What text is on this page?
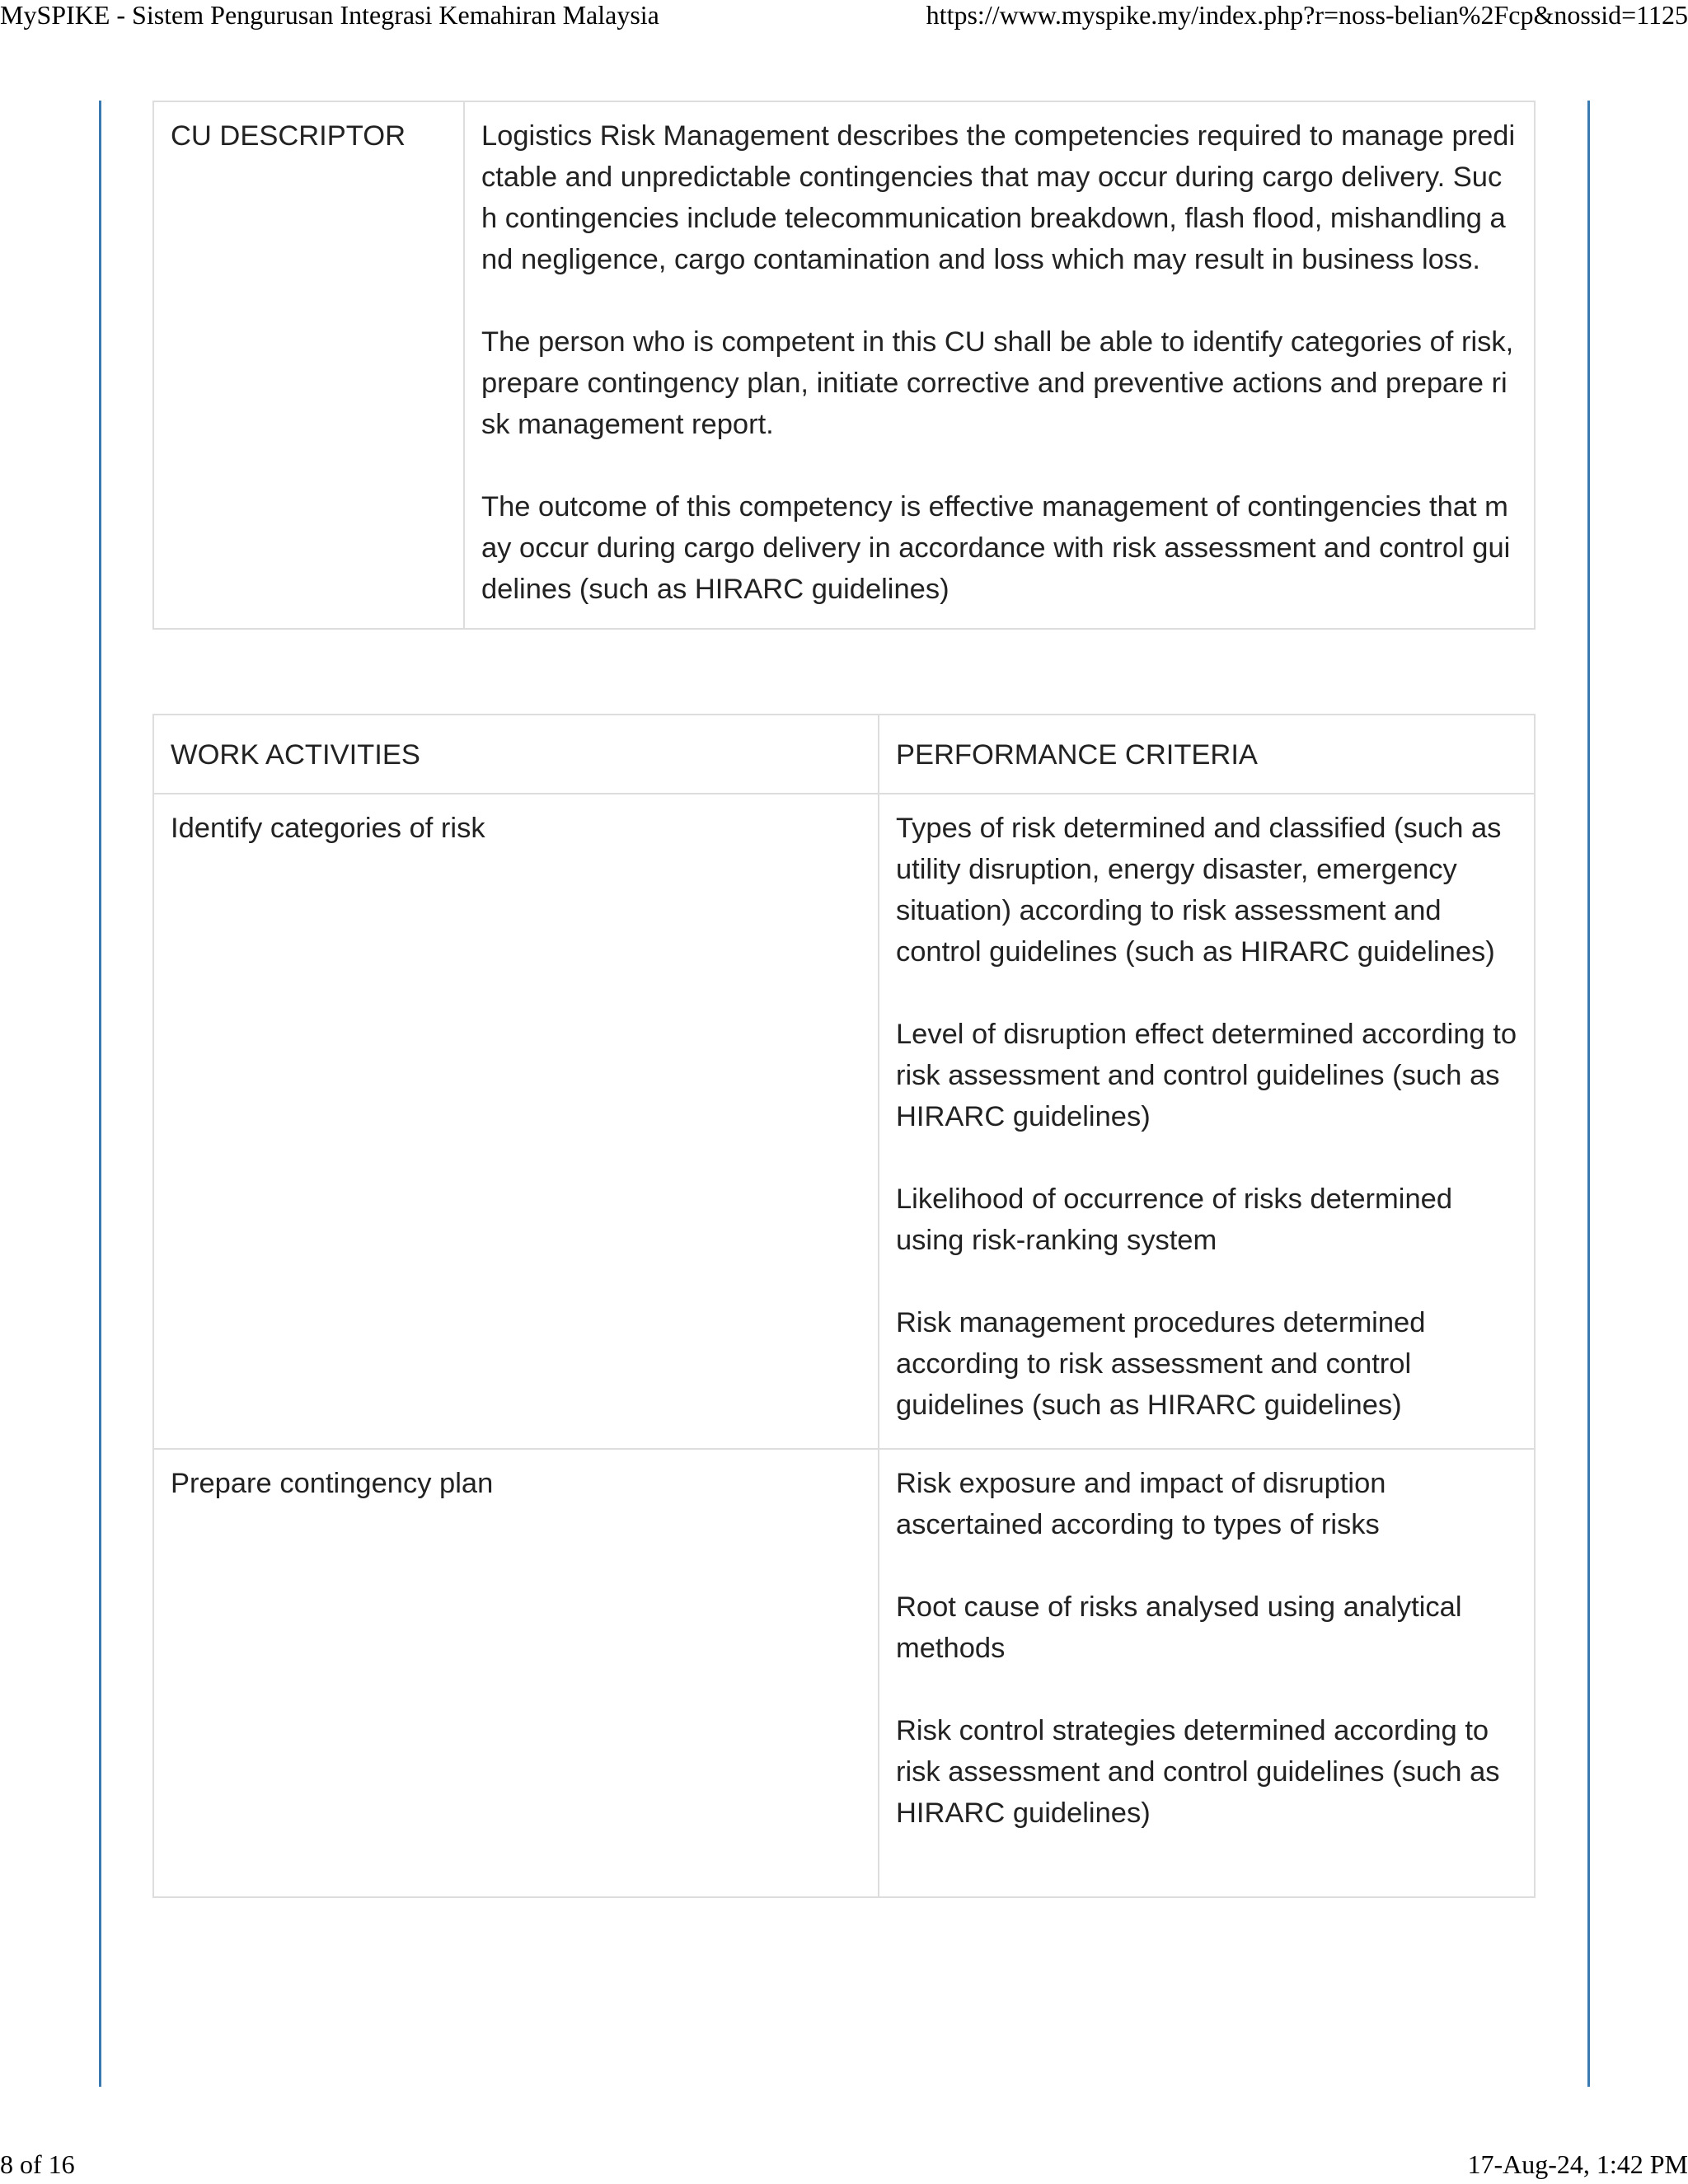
MySPIKE - Sistem Pengurusan Integrasi Kemahiran Malaysia	https://www.myspike.my/index.php?r=noss-belian%2Fcp&nossid=1125
CU DESCRIPTOR	Logistics Risk Management describes the competencies required to manage predictable and unpredictable contingencies that may occur during cargo delivery. Such contingencies include telecommunication breakdown, flash flood, mishandling and negligence, cargo contamination and loss which may result in business loss.

The person who is competent in this CU shall be able to identify categories of risk, prepare contingency plan, initiate corrective and preventive actions and prepare risk management report.

The outcome of this competency is effective management of contingencies that may occur during cargo delivery in accordance with risk assessment and control guidelines (such as HIRARC guidelines)

WORK ACTIVITIES	PERFORMANCE CRITERIA
Identify categories of risk	Types of risk determined and classified (such as utility disruption, energy disaster, emergency situation) according to risk assessment and control guidelines (such as HIRARC guidelines)

Level of disruption effect determined according to risk assessment and control guidelines (such as HIRARC guidelines)

Likelihood of occurrence of risks determined using risk-ranking system

Risk management procedures determined according to risk assessment and control guidelines (such as HIRARC guidelines)

Prepare contingency plan	Risk exposure and impact of disruption ascertained according to types of risks

Root cause of risks analysed using analytical methods

Risk control strategies determined according to risk assessment and control guidelines (such as HIRARC guidelines)

8 of 16	17-Aug-24, 1:42 PM
